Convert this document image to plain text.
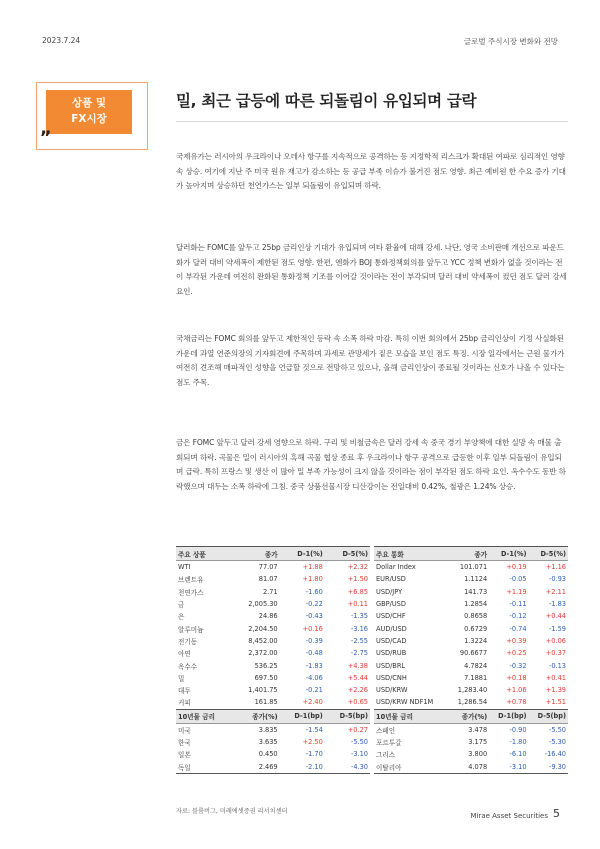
2023.7.24	글로벌 주식시장 변화와 전망
상품 및
FX시장
„
밀, 최근 급등에 따른 되돌림이 유입되며 급락
국제유가는 러시아의 우크라이나 오데사 항구를 지속적으로 공격하는 등 지정학적 리스크가 확대된 여파로 심리적인 영향 속 상승. 여기에 지난 주 미국 원유 재고가 감소하는 등 공급 부족 이슈가 불거진 점도 영향. 최근 예비원 한 수요 증가 기대가 높아지며 상승하던 천연가스는 일부 되돌림이 유입되며 하락.
달러화는 FOMC를 앞두고 25bp 금리인상 기대가 유입되며 여타 환율에 대해 강세. 나단, 영국 소비판매 개선으로 파운드화가 달러 대비 약세폭이 제한된 점도 영향. 한편, 엔화가 BOJ 통화정책회의를 앞두고 YCC 정책 변화가 없을 것이라는 전이 부각된 가운데 여전히 완화된 통화정책 기조를 이어갈 것이라는 전이 부각되며 달러 대비 약세폭이 컸던 점도 달러 강세 요인.
국채금리는 FOMC 회의를 앞두고 제한적인 등락 속 소폭 하락 마감. 특히 이번 회의에서 25bp 금리인상이 기정 사실화된 가운데 과열 연준의장의 기자회견에 주목하며 과세로 관망세가 짙은 모습을 보인 점도 특징. 시장 일각에서는 근원 물가가 여전히 견조해 매파적인 성향을 언급할 것으로 전망하고 있으나, 올해 금리인상이 종료될 것이라는 신호가 나올 수 있다는 점도 주목.
금은 FOMC 앞두고 달러 강세 영향으로 하락. 구리 및 비철금속은 달러 강세 속 중국 경기 부양책에 대한 실망 속 매물 출회되며 하락. 곡물은 밀이 러시아의 흑해 곡물 협상 종료 후 우크라이나 항구 공격으로 급등한 이후 일부 되돌림이 유입되며 급락. 특히 프랑스 및 생산 이 많아 밀 부족 가능성이 크지 않을 것이라는 점이 부각된 점도 하락 요인. 옥수수도 동반 하락했으며 대두는 소폭 하락에 그침. 중국 상품선물시장 디산강이는 전일대비 0.42%, 철광은 1.24% 상승.
주요 상품	종가	D-1(%)	D-5(%)
WTI	77.07	+1.88	+2.32
브렌트유	81.07	+1.80	+1.50
천연가스	2.71	-1.60	+6.85
금	2,005.30	-0.22	+0.11
은	24.86	-0.43	-1.35
알루미늄	2,204.50	+0.16	-3.16
전기동	8,452.00	-0.39	-2.55
아연	2,372.00	-0.48	-2.75
옥수수	536.25	-1.83	+4.38
밀	697.50	-4.06	+5.44
대두	1,401.75	-0.21	+2.26
커피	161.85	+2.40	+0.65
10년물 금리	종가(%)	D-1(bp)	D-5(bp)
미국	3.835	-1.54	+0.27
한국	3.635	+2.50	-5.50
일본	0.450	-1.70	-3.10
독일	2.469	-2.10	-4.30
주요 통화	종가	D-1(%)	D-5(%)
Dollar Index	101.071	+0.19	+1.16
EUR/USD	1.1124	-0.05	-0.93
USD/JPY	141.73	+1.19	+2.11
GBP/USD	1.2854	-0.11	-1.83
USD/CHF	0.8658	-0.12	+0.44
AUD/USD	0.6729	-0.74	-1.59
USD/CAD	1.3224	+0.39	+0.06
USD/RUB	90.6677	+0.25	+0.37
USD/BRL	4.7824	-0.32	-0.13
USD/CNH	7.1881	+0.18	+0.41
USD/KRW	1,283.40	+1.06	+1.39
USD/KRW NDF1M	1,286.54	+0.78	+1.51
10년물 금리	종가(%)	D-1(bp)	D-5(bp)
스페인	3.478	-0.90	-5.50
포르투갈	3.175	-1.80	-5.30
그리스	3.800	-6.10	-16.40
이탈리아	4.078	-3.10	-9.30
자료: 블룸버그, 미래에셋증권 리서치센터
Mirae Asset Securities 5
